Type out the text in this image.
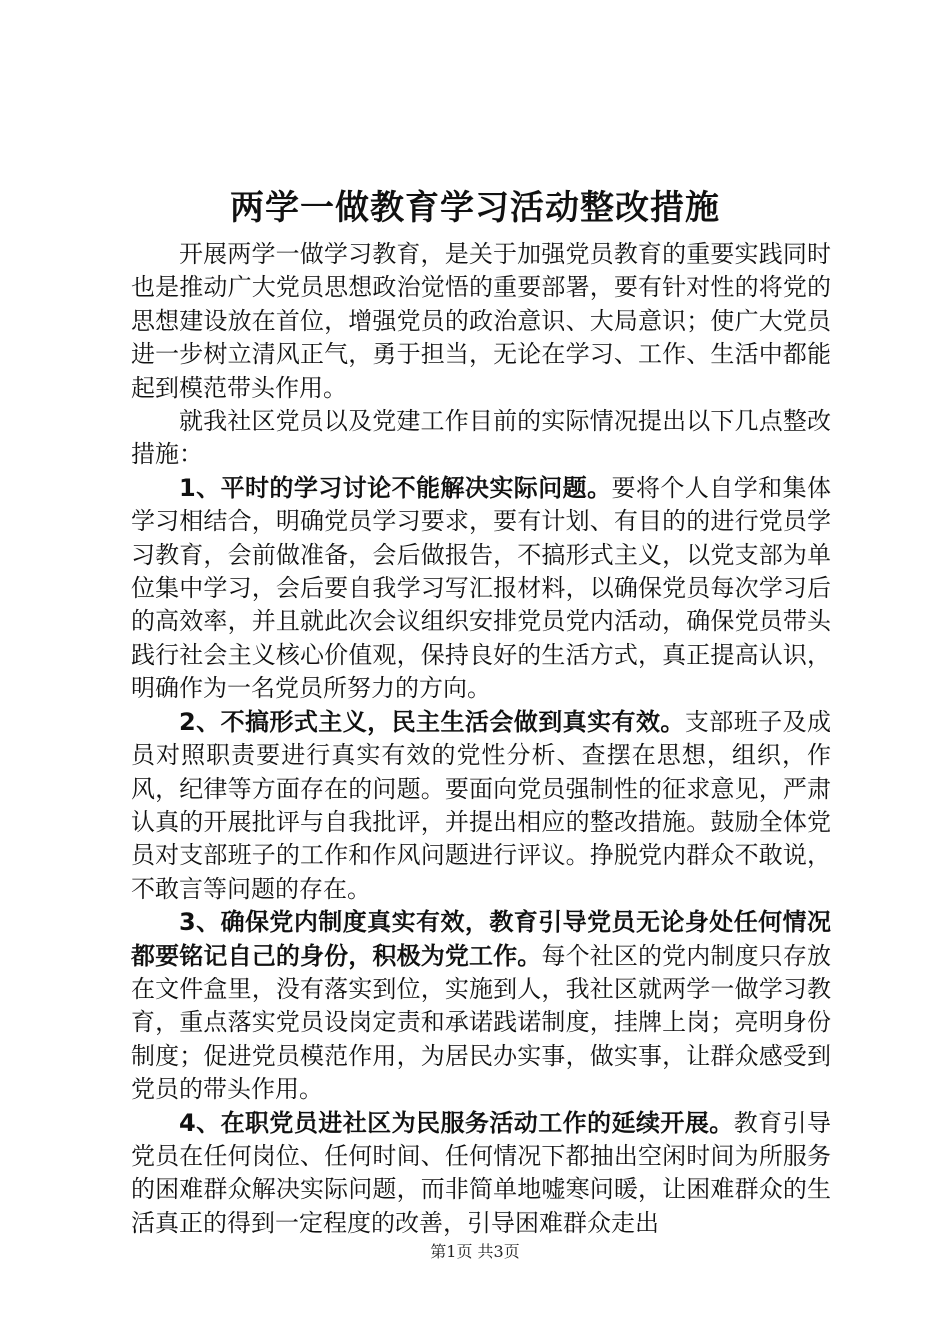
两学一做教育学习活动整改措施

开展两学一做学习教育，是关于加强党员教育的重要实践同时也是推动广大党员思想政治觉悟的重要部署，要有针对性的将党的思想建设放在首位，增强党员的政治意识、大局意识；使广大党员进一步树立清风正气，勇于担当，无论在学习、工作、生活中都能起到模范带头作用。

就我社区党员以及党建工作目前的实际情况提出以下几点整改措施：

1、平时的学习讨论不能解决实际问题。要将个人自学和集体学习相结合，明确党员学习要求，要有计划、有目的的进行党员学习教育，会前做准备，会后做报告，不搞形式主义，以党支部为单位集中学习，会后要自我学习写汇报材料，以确保党员每次学习后的高效率，并且就此次会议组织安排党员党内活动，确保党员带头践行社会主义核心价值观，保持良好的生活方式，真正提高认识，明确作为一名党员所努力的方向。

2、不搞形式主义，民主生活会做到真实有效。支部班子及成员对照职责要进行真实有效的党性分析、查摆在思想，组织，作风，纪律等方面存在的问题。要面向党员强制性的征求意见，严肃认真的开展批评与自我批评，并提出相应的整改措施。鼓励全体党员对支部班子的工作和作风问题进行评议。挣脱党内群众不敢说，不敢言等问题的存在。

3、确保党内制度真实有效，教育引导党员无论身处任何情况都要铭记自己的身份，积极为党工作。每个社区的党内制度只存放在文件盒里，没有落实到位，实施到人，我社区就两学一做学习教育，重点落实党员设岗定责和承诺践诺制度，挂牌上岗；亮明身份制度；促进党员模范作用，为居民办实事，做实事，让群众感受到党员的带头作用。

4、在职党员进社区为民服务活动工作的延续开展。教育引导党员在任何岗位、任何时间、任何情况下都抽出空闲时间为所服务的困难群众解决实际问题，而非简单地嘘寒问暖，让困难群众的生活真正的得到一定程度的改善，引导困难群众走出

第1页 共3页
